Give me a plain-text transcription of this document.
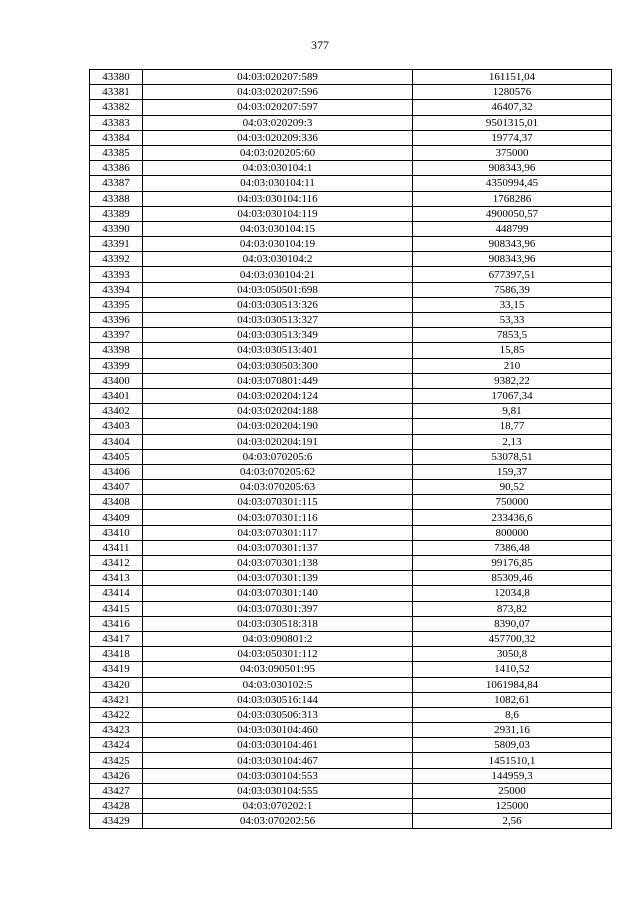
377
43380	04:03:020207:589	161151,04
43381	04:03:020207:596	1280576
43382	04:03:020207:597	46407,32
43383	04:03:020209:3	9501315,01
43384	04:03:020209:336	19774,37
43385	04:03:020205:60	375000
43386	04:03:030104:1	908343,96
43387	04:03:030104:11	4350994,45
43388	04:03:030104:116	1768286
43389	04:03:030104:119	4900050,57
43390	04:03:030104:15	448799
43391	04:03:030104:19	908343,96
43392	04:03:030104:2	908343,96
43393	04:03:030104:21	677397,51
43394	04:03:050501:698	7586,39
43395	04:03:030513:326	33,15
43396	04:03:030513:327	53,33
43397	04:03:030513:349	7853,5
43398	04:03:030513:401	15,85
43399	04:03:030503:300	210
43400	04:03:070801:449	9382,22
43401	04:03:020204:124	17067,34
43402	04:03:020204:188	9,81
43403	04:03:020204:190	18,77
43404	04:03:020204:191	2,13
43405	04:03:070205:6	53078,51
43406	04:03:070205:62	159,37
43407	04:03:070205:63	90,52
43408	04:03:070301:115	750000
43409	04:03:070301:116	233436,6
43410	04:03:070301:117	800000
43411	04:03:070301:137	7386,48
43412	04:03:070301:138	99176,85
43413	04:03:070301:139	85309,46
43414	04:03:070301:140	12034,8
43415	04:03:070301:397	873,82
43416	04:03:030518:318	8390,07
43417	04:03:090801:2	457700,32
43418	04:03:050301:112	3050,8
43419	04:03:090501:95	1410,52
43420	04:03:030102:5	1061984,84
43421	04:03:030516:144	1082,61
43422	04:03:030506:313	8,6
43423	04:03:030104:460	2931,16
43424	04:03:030104:461	5809,03
43425	04:03:030104:467	1451510,1
43426	04:03:030104:553	144959,3
43427	04:03:030104:555	25000
43428	04:03:070202:1	125000
43429	04:03:070202:56	2,56
